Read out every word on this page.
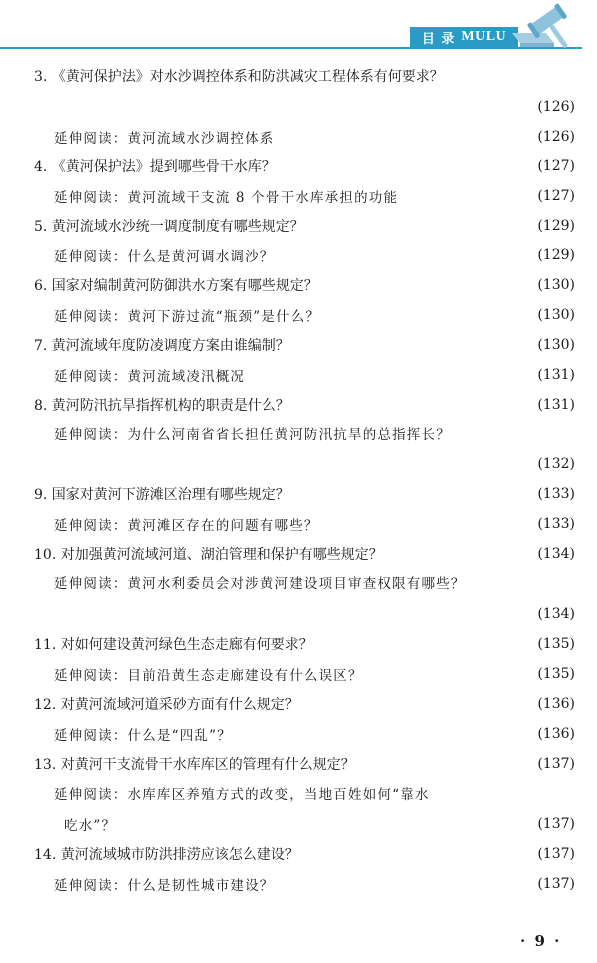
目 录 MULU
3. 《黄河保护法》对水沙调控体系和防洪减灾工程体系有何要求？
(126)
延伸阅读：黄河流域水沙调控体系	(126)
4. 《黄河保护法》提到哪些骨干水库？	(127)
延伸阅读：黄河流域干支流 8 个骨干水库承担的功能	(127)
5. 黄河流域水沙统一调度制度有哪些规定？	(129)
延伸阅读：什么是黄河调水调沙？	(129)
6. 国家对编制黄河防御洪水方案有哪些规定？	(130)
延伸阅读：黄河下游过流“瓶颈”是什么？	(130)
7. 黄河流域年度防凌调度方案由谁编制？	(130)
延伸阅读：黄河流域凌汛概况	(131)
8. 黄河防汛抗旱指挥机构的职责是什么？	(131)
延伸阅读：为什么河南省省长担任黄河防汛抗旱的总指挥长？
(132)
9. 国家对黄河下游滩区治理有哪些规定？	(133)
延伸阅读：黄河滩区存在的问题有哪些？	(133)
10. 对加强黄河流域河道、湖泊管理和保护有哪些规定？	(134)
延伸阅读：黄河水利委员会对涉黄河建设项目审查权限有哪些？
(134)
11. 对如何建设黄河绿色生态走廊有何要求？	(135)
延伸阅读：目前沿黄生态走廊建设有什么误区？	(135)
12. 对黄河流域河道采砂方面有什么规定？	(136)
延伸阅读：什么是“四乱”？	(136)
13. 对黄河干支流骨干水库库区的管理有什么规定？	(137)
延伸阅读：水库库区养殖方式的改变，当地百姓如何“靠水
吃水”？	(137)
14. 黄河流域城市防洪排涝应该怎么建设？	(137)
延伸阅读：什么是韧性城市建设？	(137)
· 9 ·
